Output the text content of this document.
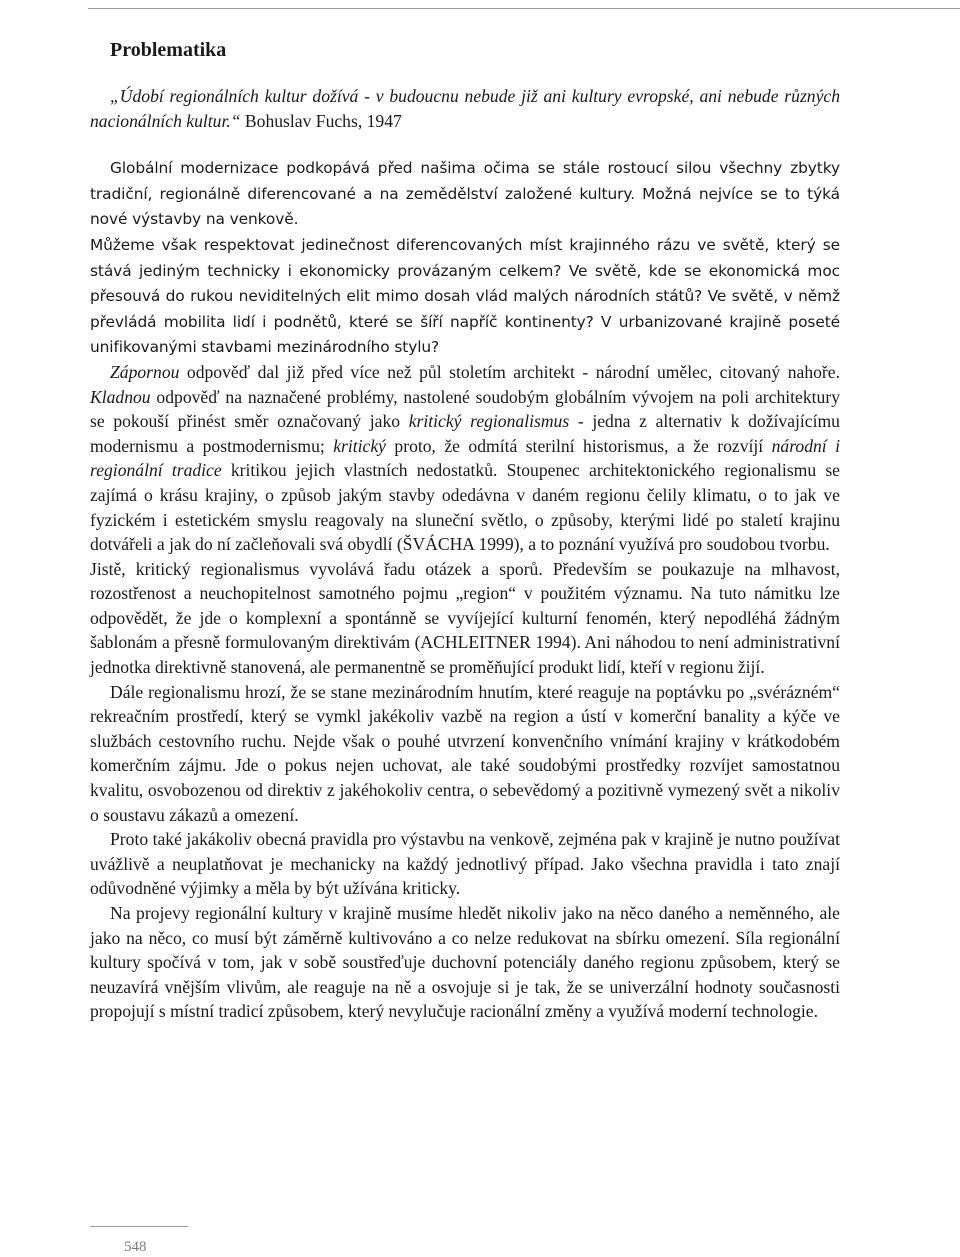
Problematika

„Údobí regionálních kultur dožívá - v budoucnu nebude již ani kultury evropské, ani nebude různých nacionálních kultur.“ Bohuslav Fuchs, 1947

Globální modernizace podkopává před našima očima se stále rostoucí silou všechny zbytky tradiční, regionálně diferencované a na zemědělství založené kultury. Možná nejvíce se to týká nové výstavby na venkově.

Můžeme však respektovat jedinečnost diferencovaných míst krajinného rázu ve světě, který se stává jediným technicky i ekonomicky provázaným celkem? Ve světě, kde se ekonomická moc přesouvá do rukou neviditelných elit mimo dosah vlád malých národních států? Ve světě, v němž převládá mobilita lidí i podnětů, které se šíří napříč kontinenty? V urbanizované krajině poseté unifikovanými stavbami mezinárodního stylu?

Zápornou odpověď dal již před více než půl stoletím architekt - národní umělec, citovaný nahoře. Kladnou odpověď na naznačené problémy, nastolené soudobým globálním vývojem na poli architektury se pokouší přinést směr označovaný jako kritický regionalismus - jedna z alternativ k dožívajícímu modernismu a postmodernismu; kritický proto, že odmítá sterilní historismus, a že rozvíjí národní i regionální tradice kritikou jejich vlastních nedostatků. Stoupenec architektonického regionalismu se zajímá o krásu krajiny, o způsob jakým stavby odedávna v daném regionu čelily klimatu, o to jak ve fyzickém i estetickém smyslu reagovaly na sluneční světlo, o způsoby, kterými lidé po staletí krajinu dotvářeli a jak do ní začleňovali svá obydlí (ŠVÁCHA 1999), a to poznání využívá pro soudobou tvorbu.

Jistě, kritický regionalismus vyvolává řadu otázek a sporů. Především se poukazuje na mlhavost, rozostřenost a neuchopitelnost samotného pojmu „region“ v použitém významu. Na tuto námitku lze odpovědět, že jde o komplexní a spontánně se vyvíjející kulturní fenomén, který nepodléhá žádným šablonám a přesně formulovaným direktivám (ACHLEITNER 1994). Ani náhodou to není administrativní jednotka direktivně stanovená, ale permanentně se proměňující produkt lidí, kteří v regionu žijí.

Dále regionalismu hrozí, že se stane mezinárodním hnutím, které reaguje na poptávku po „svérázném“ rekreačním prostředí, který se vymkl jakékoliv vazbě na region a ústí v komerční banality a kýče ve službách cestovního ruchu. Nejde však o pouhé utvrzení konvenčního vnímání krajiny v krátkodobém komerčním zájmu. Jde o pokus nejen uchovat, ale také soudobými prostředky rozvíjet samostatnou kvalitu, osvobozenou od direktiv z jakéhokoliv centra, o sebevědomý a pozitivně vymezený svět a nikoliv o soustavu zákazů a omezení.

Proto také jakákoliv obecná pravidla pro výstavbu na venkově, zejména pak v krajině je nutno používat uvážlivě a neuplatňovat je mechanicky na každý jednotlivý případ. Jako všechna pravidla i tato znají odůvodněné výjimky a měla by být užívána kriticky.

Na projevy regionální kultury v krajině musíme hledět nikoliv jako na něco daného a neměnného, ale jako na něco, co musí být záměrně kultivováno a co nelze redukovat na sbírku omezení. Síla regionální kultury spočívá v tom, jak v sobě soustřeďuje duchovní potenciály daného regionu způsobem, který se neuzavírá vnějším vlivům, ale reaguje na ně a osvojuje si je tak, že se univerzální hodnoty současnosti propojují s místní tradicí způsobem, který nevylučuje racionální změny a využívá moderní technologie.

548
